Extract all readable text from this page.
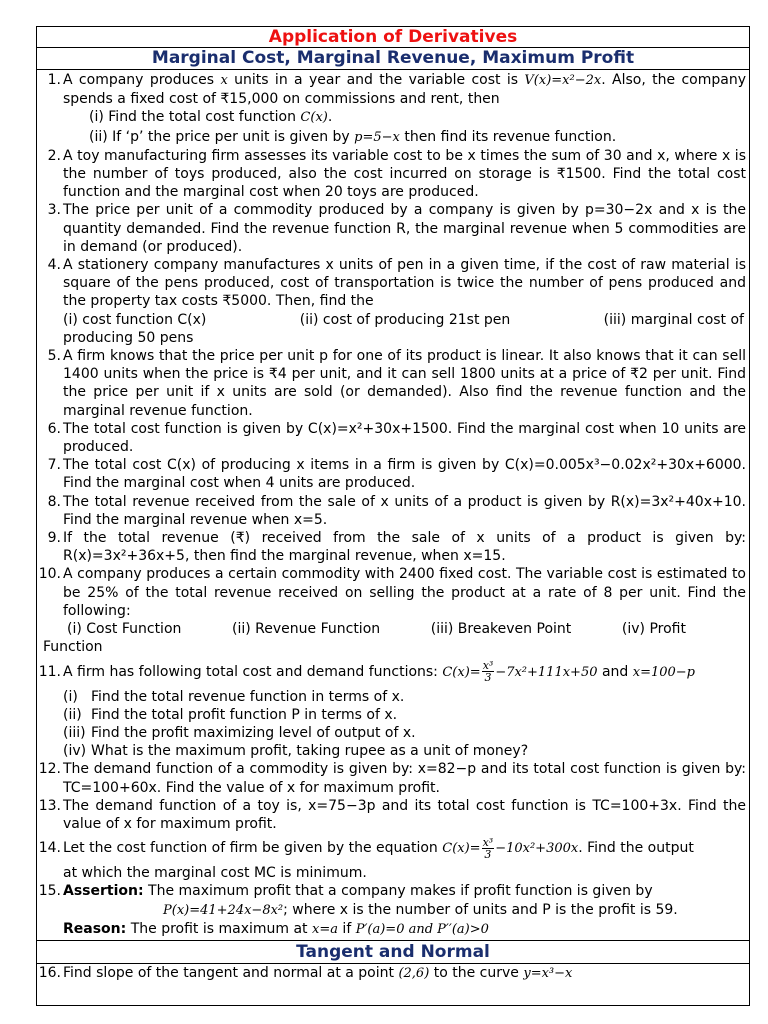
Application of Derivatives
Marginal Cost, Marginal Revenue, Maximum Profit
1. A company produces x units in a year and the variable cost is V(x)=x²−2x. Also, the company spends a fixed cost of ₹15,000 on commissions and rent, then
(i) Find the total cost function C(x).
(ii) If ‘p’ the price per unit is given by p=5−x then find its revenue function.
2. A toy manufacturing firm assesses its variable cost to be x times the sum of 30 and x, where x is the number of toys produced, also the cost incurred on storage is ₹1500. Find the total cost function and the marginal cost when 20 toys are produced.
3. The price per unit of a commodity produced by a company is given by p=30−2x and x is the quantity demanded. Find the revenue function R, the marginal revenue when 5 commodities are in demand (or produced).
4. A stationery company manufactures x units of pen in a given time, if the cost of raw material is square of the pens produced, cost of transportation is twice the number of pens produced and the property tax costs ₹5000. Then, find the
(i) cost function C(x)	(ii) cost of producing 21st pen	(iii) marginal cost of
producing 50 pens
5. A firm knows that the price per unit p for one of its product is linear. It also knows that it can sell 1400 units when the price is ₹4 per unit, and it can sell 1800 units at a price of ₹2 per unit. Find the price per unit if x units are sold (or demanded). Also find the revenue function and the marginal revenue function.
6. The total cost function is given by C(x)=x²+30x+1500. Find the marginal cost when 10 units are produced.
7. The total cost C(x) of producing x items in a firm is given by C(x)=0.005x³−0.02x²+30x+6000. Find the marginal cost when 4 units are produced.
8. The total revenue received from the sale of x units of a product is given by R(x)=3x²+40x+10. Find the marginal revenue when x=5.
9. If the total revenue (₹) received from the sale of x units of a product is given by: R(x)=3x²+36x+5, then find the marginal revenue, when x=15.
10. A company produces a certain commodity with 2400 fixed cost. The variable cost is estimated to be 25% of the total revenue received on selling the product at a rate of 8 per unit. Find the following:
(i) Cost Function	(ii) Revenue Function	(iii) Breakeven Point	(iv) Profit
Function
11. A firm has following total cost and demand functions: $C(x)= \frac{\text{x³}}{3} -7x^2+111x+50$ and x=100−p
(i) Find the total revenue function in terms of x.
(ii) Find the total profit function P in terms of x.
(iii) Find the profit maximizing level of output of x.
(iv) What is the maximum profit, taking rupee as a unit of money?
12. The demand function of a commodity is given by: x=82−p and its total cost function is given by: TC=100+60x. Find the value of x for maximum profit.
13. The demand function of a toy is, x=75−3p and its total cost function is TC=100+3x. Find the value of x for maximum profit.
14. Let the cost function of firm be given by the equation $C(x)= \frac{\text{x³}}{3} -10x^2+300x$. Find the output
at which the marginal cost MC is minimum.
15. Assertion: The maximum profit that a company makes if profit function is given by
P(x)=41+24x−8x²; where x is the number of units and P is the profit is 59.
Reason: The profit is maximum at x=a if P′(a)=0 and P′′(a)>0
Tangent and Normal
16. Find slope of the tangent and normal at a point (2,6) to the curve y=x³−x
